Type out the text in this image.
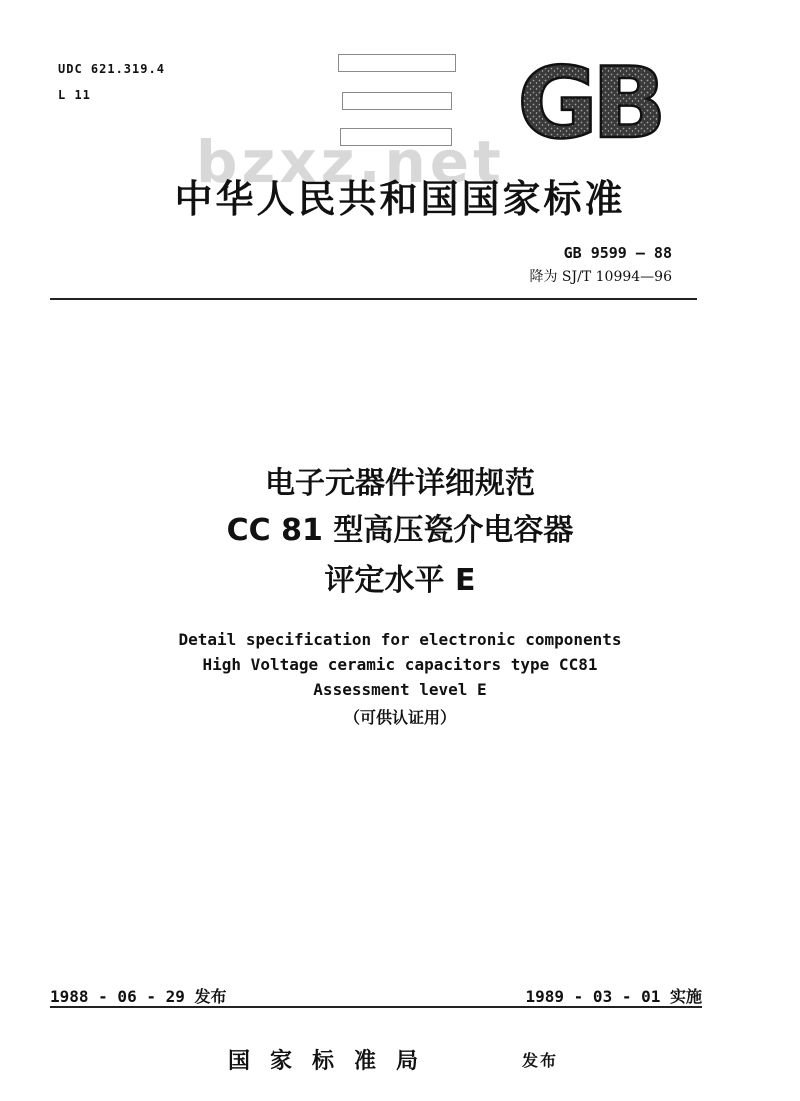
UDC 621.319.4
L 11
bzxz.net
GB
中华人民共和国国家标准
GB 9599 — 88
降为 SJ/T 10994—96
电子元器件详细规范
CC 81 型高压瓷介电容器
评定水平 E
Detail specification for electronic components
High Voltage ceramic capacitors type CC81
Assessment level E
（可供认证用）
1988 - 06 - 29 发布	1989 - 03 - 01 实施
国家标准局	发布
